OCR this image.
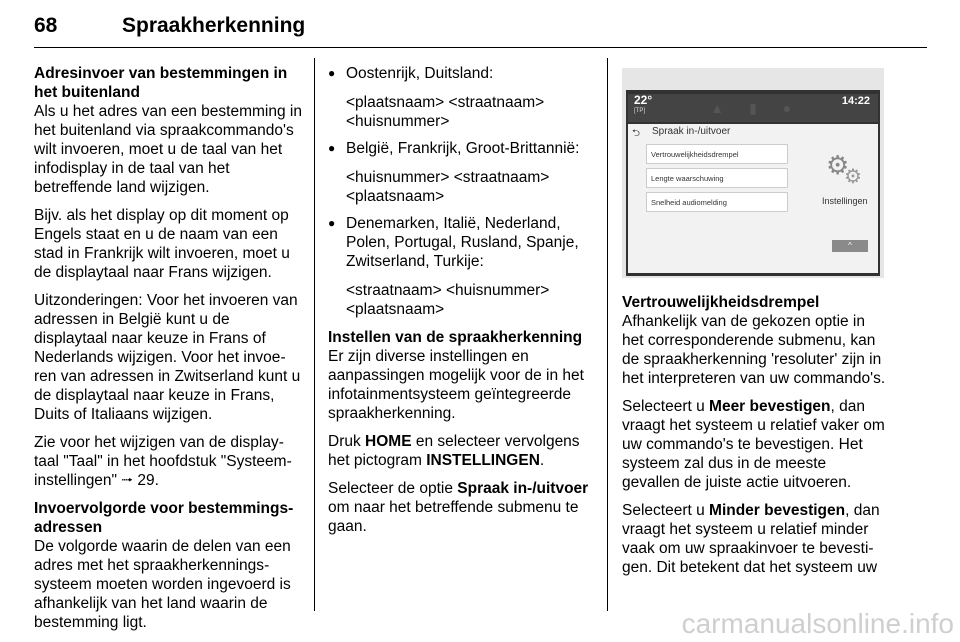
68	Spraakherkenning

Adresinvoer van bestemmingen in het buitenland

Als u het adres van een bestemming in het buitenland via spraakcommando's wilt invoeren, moet u de taal van het infodisplay in de taal van het betreffende land wijzigen.

Bijv. als het display op dit moment op Engels staat en u de naam van een stad in Frankrijk wilt invoeren, moet u de displaytaal naar Frans wijzigen.

Uitzonderingen: Voor het invoeren van adressen in België kunt u de displaytaal naar keuze in Frans of Nederlands wijzigen. Voor het invoeren van adressen in Zwitserland kunt u de displaytaal naar keuze in Frans, Duits of Italiaans wijzigen.

Zie voor het wijzigen van de displaytaal "Taal" in het hoofdstuk "Systeeminstellingen" ⭬ 29.

Invoervolgorde voor bestemmingsadressen

De volgorde waarin de delen van een adres met het spraakherkenningssysteem moeten worden ingevoerd is afhankelijk van het land waarin de bestemming ligt.

● Oostenrijk, Duitsland:
<plaatsnaam> <straatnaam> <huisnummer>
● België, Frankrijk, Groot-Brittannië:
<huisnummer> <straatnaam> <plaatsnaam>
● Denemarken, Italië, Nederland, Polen, Portugal, Rusland, Spanje, Zwitserland, Turkije:
<straatnaam> <huisnummer> <plaatsnaam>

Instellen van de spraakherkenning

Er zijn diverse instellingen en aanpassingen mogelijk voor de in het infotainmentsysteem geïntegreerde spraakherkenning.

Druk HOME en selecteer vervolgens het pictogram INSTELLINGEN.

Selecteer de optie Spraak in-/uitvoer om naar het betreffende submenu te gaan.

22°
[TP]	▲	▮	●	14:22
⮌ Spraak in-/uitvoer
Vertrouwelijkheidsdrempel
Lengte waarschuwing
Snelheid audiomelding
⚙
⚙
Instellingen
^

Vertrouwelijkheidsdrempel

Afhankelijk van de gekozen optie in het corresponderende submenu, kan de spraakherkenning 'resoluter' zijn in het interpreteren van uw commando's.

Selecteert u Meer bevestigen, dan vraagt het systeem u relatief vaker om uw commando's te bevestigen. Het systeem zal dus in de meeste gevallen de juiste actie uitvoeren.

Selecteert u Minder bevestigen, dan vraagt het systeem u relatief minder vaak om uw spraakinvoer te bevestigen. Dit betekent dat het systeem uw

carmanualsonline.info
